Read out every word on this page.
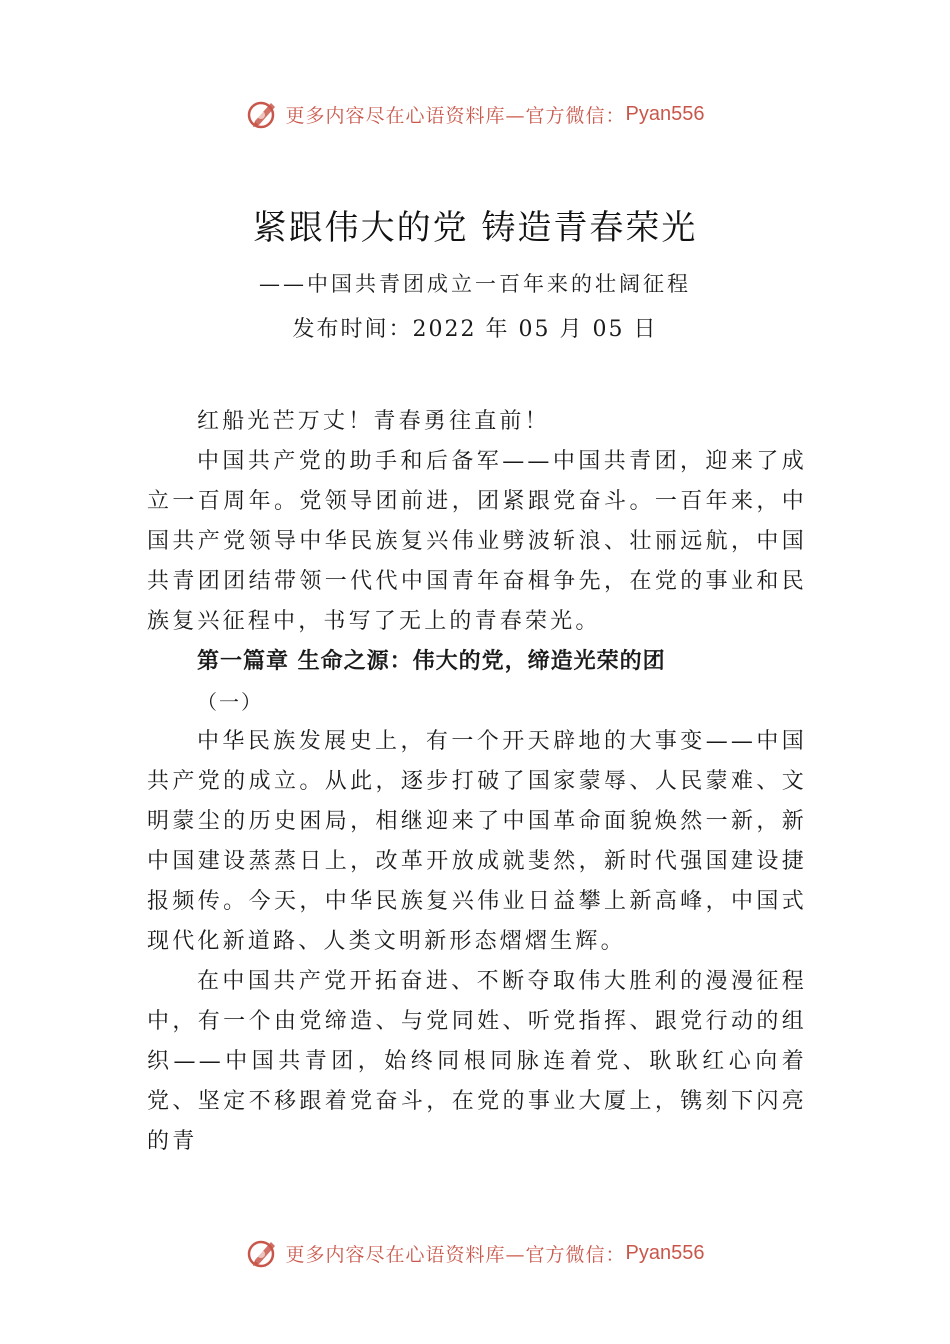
更多内容尽在心语资料库—官方微信： Pyan556
紧跟伟大的党 铸造青春荣光
——中国共青团成立一百年来的壮阔征程
发布时间：2022 年 05 月 05 日

红船光芒万丈！青春勇往直前！

中国共产党的助手和后备军——中国共青团，迎来了成立一百周年。党领导团前进，团紧跟党奋斗。一百年来，中国共产党领导中华民族复兴伟业劈波斩浪、壮丽远航，中国共青团团结带领一代代中国青年奋楫争先，在党的事业和民族复兴征程中，书写了无上的青春荣光。

第一篇章 生命之源：伟大的党，缔造光荣的团
（一）

中华民族发展史上，有一个开天辟地的大事变——中国共产党的成立。从此，逐步打破了国家蒙辱、人民蒙难、文明蒙尘的历史困局，相继迎来了中国革命面貌焕然一新，新中国建设蒸蒸日上，改革开放成就斐然，新时代强国建设捷报频传。今天，中华民族复兴伟业日益攀上新高峰，中国式现代化新道路、人类文明新形态熠熠生辉。

在中国共产党开拓奋进、不断夺取伟大胜利的漫漫征程中，有一个由党缔造、与党同姓、听党指挥、跟党行动的组织——中国共青团，始终同根同脉连着党、耿耿红心向着党、坚定不移跟着党奋斗，在党的事业大厦上，镌刻下闪亮的青

更多内容尽在心语资料库—官方微信： Pyan556
